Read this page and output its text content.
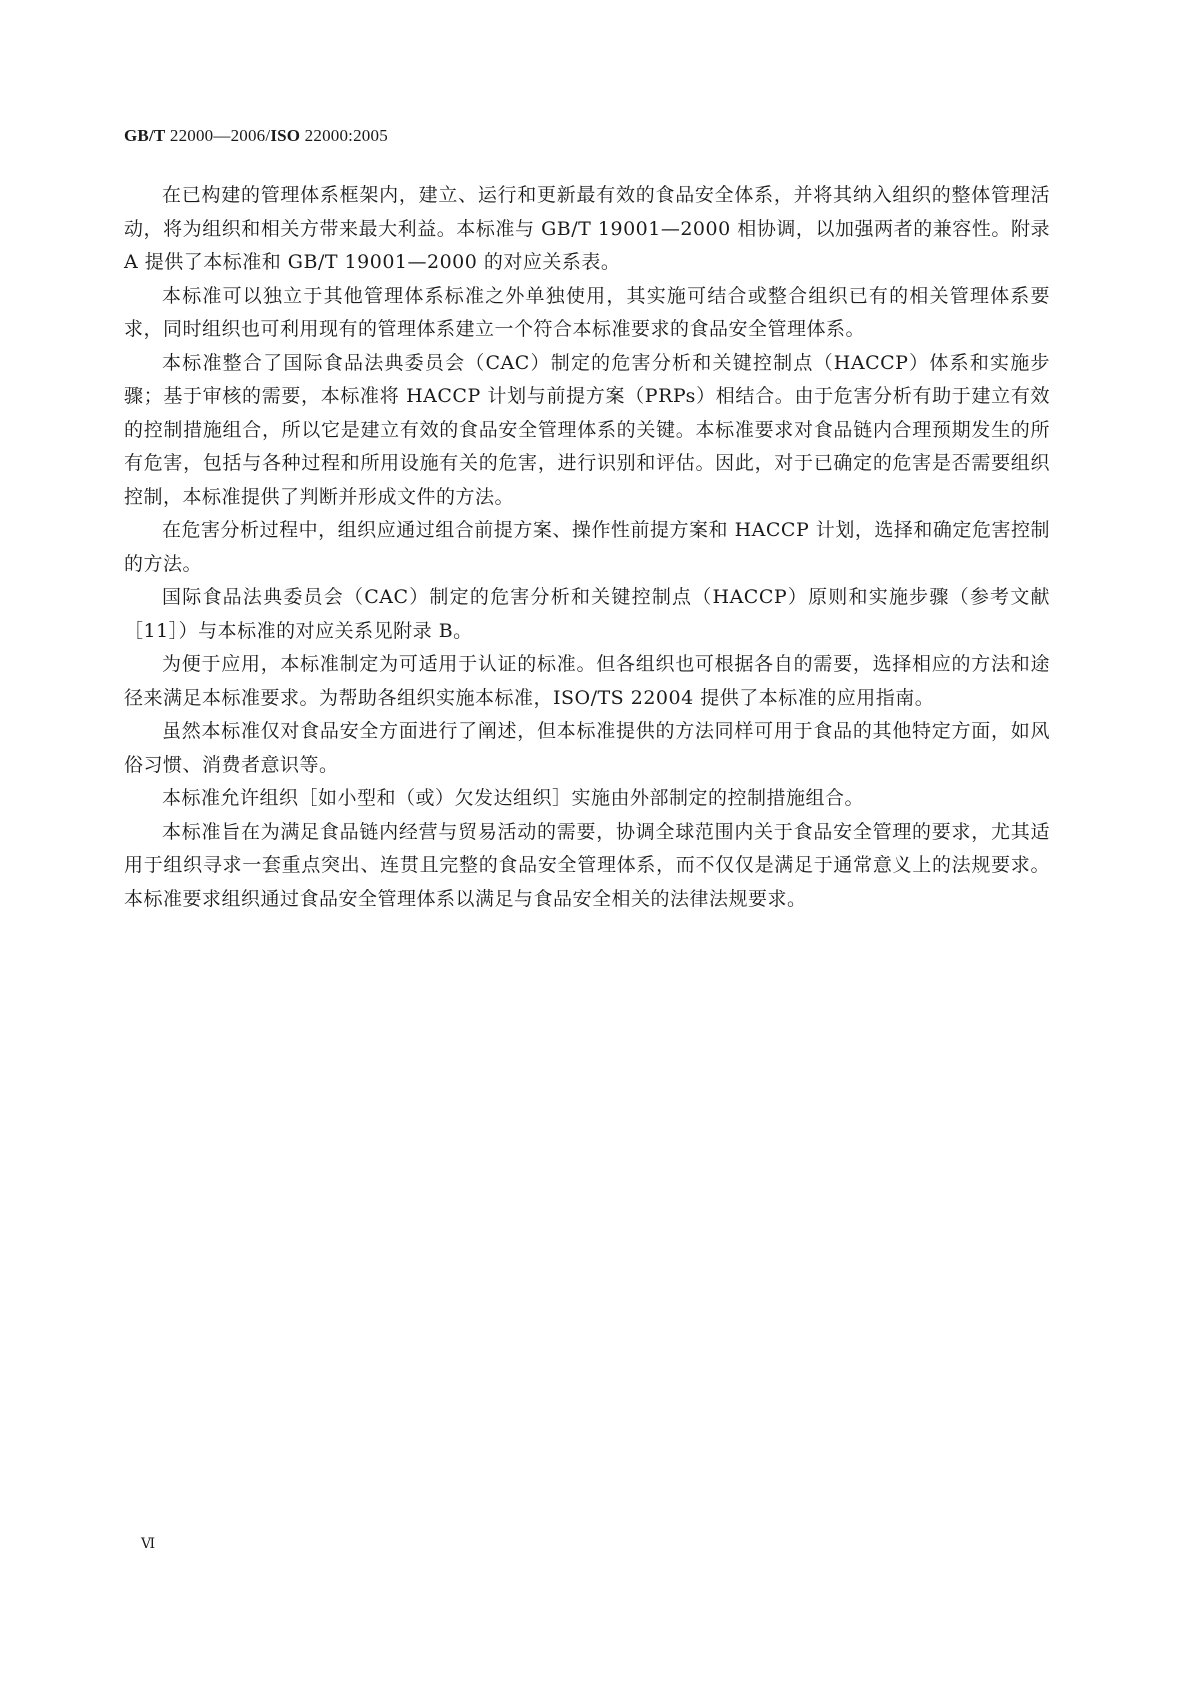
GB/T 22000—2006/ISO 22000:2005

在已构建的管理体系框架内，建立、运行和更新最有效的食品安全体系，并将其纳入组织的整体管理活动，将为组织和相关方带来最大利益。本标准与 GB/T 19001—2000 相协调，以加强两者的兼容性。附录 A 提供了本标准和 GB/T 19001—2000 的对应关系表。

本标准可以独立于其他管理体系标准之外单独使用，其实施可结合或整合组织已有的相关管理体系要求，同时组织也可利用现有的管理体系建立一个符合本标准要求的食品安全管理体系。

本标准整合了国际食品法典委员会（CAC）制定的危害分析和关键控制点（HACCP）体系和实施步骤；基于审核的需要，本标准将 HACCP 计划与前提方案（PRPs）相结合。由于危害分析有助于建立有效的控制措施组合，所以它是建立有效的食品安全管理体系的关键。本标准要求对食品链内合理预期发生的所有危害，包括与各种过程和所用设施有关的危害，进行识别和评估。因此，对于已确定的危害是否需要组织控制，本标准提供了判断并形成文件的方法。

在危害分析过程中，组织应通过组合前提方案、操作性前提方案和 HACCP 计划，选择和确定危害控制的方法。

国际食品法典委员会（CAC）制定的危害分析和关键控制点（HACCP）原则和实施步骤（参考文献［11］）与本标准的对应关系见附录 B。

为便于应用，本标准制定为可适用于认证的标准。但各组织也可根据各自的需要，选择相应的方法和途径来满足本标准要求。为帮助各组织实施本标准，ISO/TS 22004 提供了本标准的应用指南。

虽然本标准仅对食品安全方面进行了阐述，但本标准提供的方法同样可用于食品的其他特定方面，如风俗习惯、消费者意识等。

本标准允许组织［如小型和（或）欠发达组织］实施由外部制定的控制措施组合。

本标准旨在为满足食品链内经营与贸易活动的需要，协调全球范围内关于食品安全管理的要求，尤其适用于组织寻求一套重点突出、连贯且完整的食品安全管理体系，而不仅仅是满足于通常意义上的法规要求。本标准要求组织通过食品安全管理体系以满足与食品安全相关的法律法规要求。

Ⅵ
